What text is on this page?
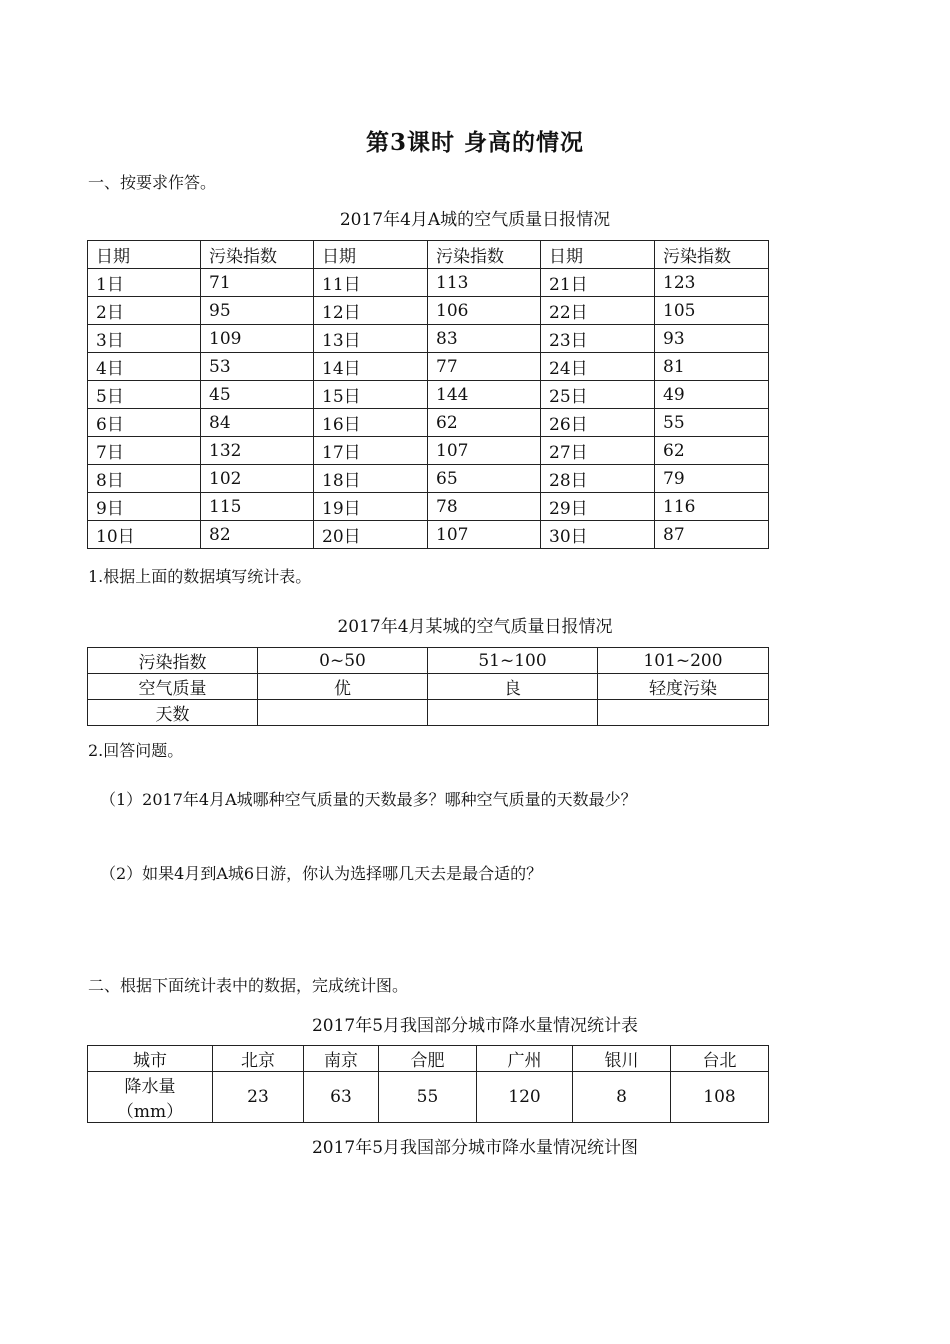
第3课时 身高的情况
一、按要求作答。
2017年4月A城的空气质量日报情况
日期	污染指数	日期	污染指数	日期	污染指数
1日	71	11日	113	21日	123
2日	95	12日	106	22日	105
3日	109	13日	83	23日	93
4日	53	14日	77	24日	81
5日	45	15日	144	25日	49
6日	84	16日	62	26日	55
7日	132	17日	107	27日	62
8日	102	18日	65	28日	79
9日	115	19日	78	29日	116
10日	82	20日	107	30日	87
1.根据上面的数据填写统计表。
2017年4月某城的空气质量日报情况
污染指数	0~50	51~100	101~200
空气质量	优	良	轻度污染
天数			
2.回答问题。
（1）2017年4月A城哪种空气质量的天数最多？哪种空气质量的天数最少？
（2）如果4月到A城6日游，你认为选择哪几天去是最合适的？
二、根据下面统计表中的数据，完成统计图。
2017年5月我国部分城市降水量情况统计表
城市	北京	南京	合肥	广州	银川	台北

降水量
（mm）	23	63	55	120	8	108
2017年5月我国部分城市降水量情况统计图
